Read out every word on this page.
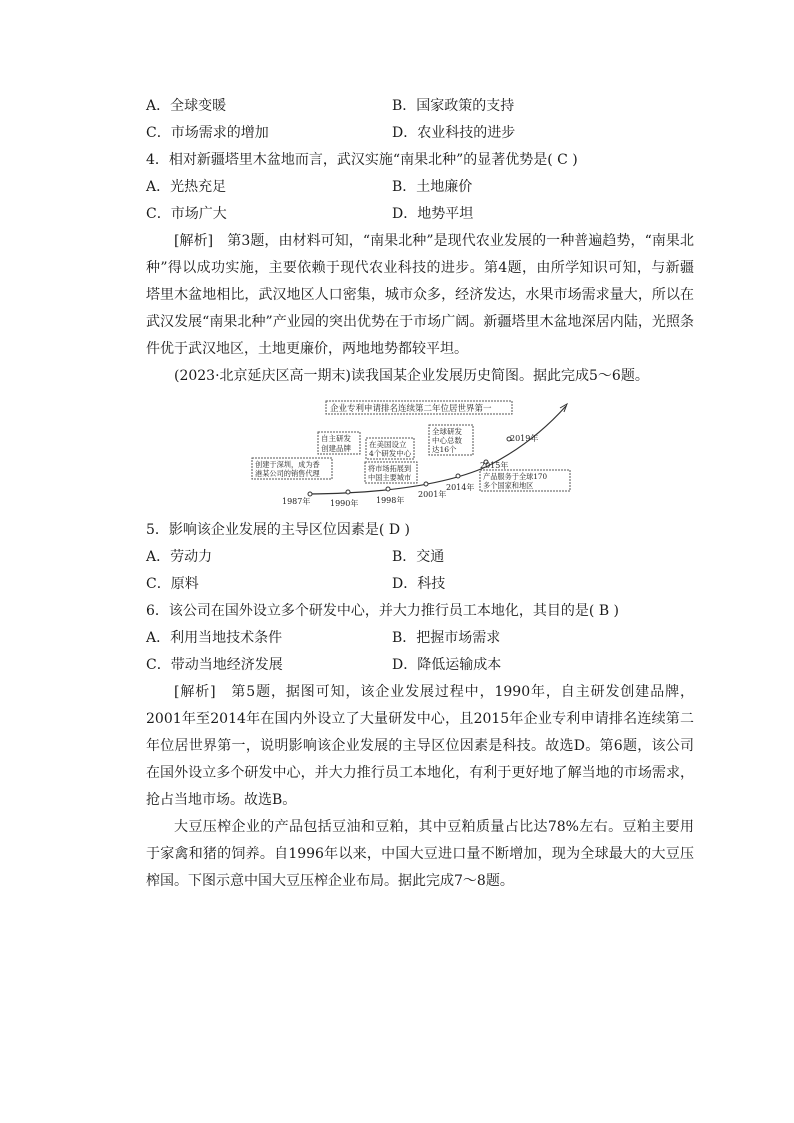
A．全球变暖	B．国家政策的支持
C．市场需求的增加	D．农业科技的进步
4．相对新疆塔里木盆地而言，武汉实施“南果北种”的显著优势是( C )
A．光热充足	B．土地廉价
C．市场广大	D．地势平坦
[解析]　第3题，由材料可知，“南果北种”是现代农业发展的一种普遍趋势，“南果北种”得以成功实施，主要依赖于现代农业科技的进步。第4题，由所学知识可知，与新疆塔里木盆地相比，武汉地区人口密集，城市众多，经济发达，水果市场需求量大，所以在武汉发展“南果北种”产业园的突出优势在于市场广阔。新疆塔里木盆地深居内陆，光照条件优于武汉地区，土地更廉价，两地地势都较平坦。
(2023·北京延庆区高一期末)读我国某企业发展历史简图。据此完成5～6题。
企业专利申请排名连续第二年位居世界第一
自主研发
创建品牌 在美国设立
4个研发中心
全球研发
中心总数
达16个
创建于深圳，成为香
港某公司的销售代理
将市场拓展到
中国主要城市	产品服务于全球170
多个国家和地区
1987年 1990年 1998年
2001年
2014年
2015年
2019年
5．影响该企业发展的主导区位因素是( D )
A．劳动力	B．交通
C．原料	D．科技
6．该公司在国外设立多个研发中心，并大力推行员工本地化，其目的是( B )
A．利用当地技术条件	B．把握市场需求
C．带动当地经济发展	D．降低运输成本
[解析]　第5题，据图可知，该企业发展过程中，1990年，自主研发创建品牌，2001年至2014年在国内外设立了大量研发中心，且2015年企业专利申请排名连续第二年位居世界第一，说明影响该企业发展的主导区位因素是科技。故选D。第6题，该公司在国外设立多个研发中心，并大力推行员工本地化，有利于更好地了解当地的市场需求，抢占当地市场。故选B。
大豆压榨企业的产品包括豆油和豆粕，其中豆粕质量占比达78%左右。豆粕主要用于家禽和猪的饲养。自1996年以来，中国大豆进口量不断增加，现为全球最大的大豆压榨国。下图示意中国大豆压榨企业布局。据此完成7～8题。
